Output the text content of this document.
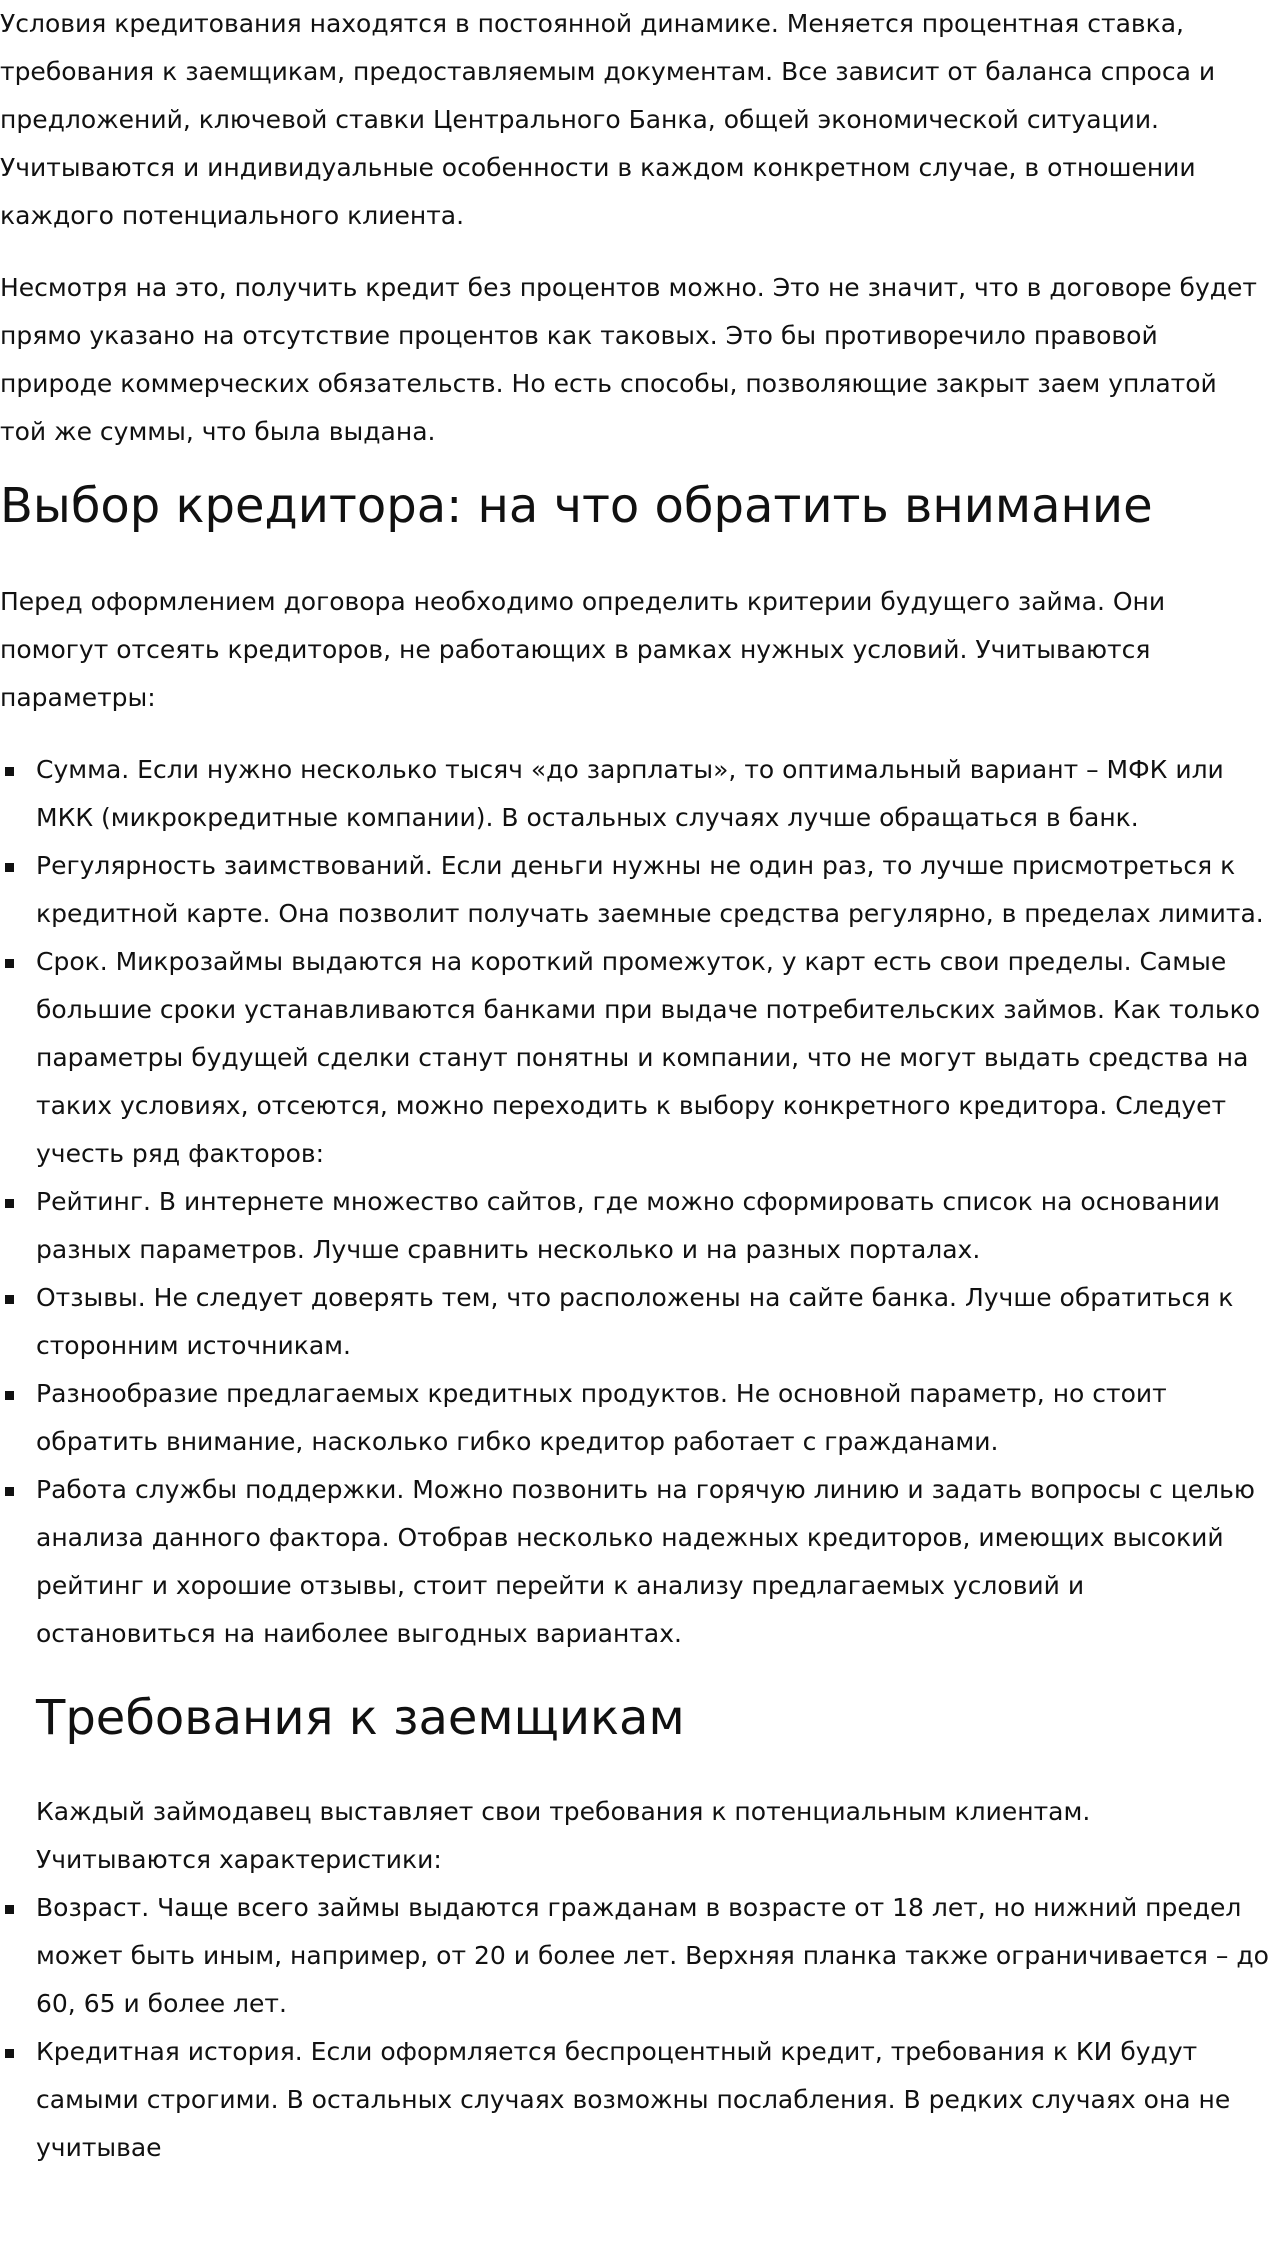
Условия кредитования находятся в постоянной динамике. Меняется процентная ставка, требования к заемщикам, предоставляемым документам. Все зависит от баланса спроса и предложений, ключевой ставки Центрального Банка, общей экономической ситуации. Учитываются и индивидуальные особенности в каждом конкретном случае, в отношении каждого потенциального клиента.

Несмотря на это, получить кредит без процентов можно. Это не значит, что в договоре будет прямо указано на отсутствие процентов как таковых. Это бы противоречило правовой природе коммерческих обязательств. Но есть способы, позволяющие закрыт заем уплатой той же суммы, что была выдана.

Выбор кредитора: на что обратить внимание

Перед оформлением договора необходимо определить критерии будущего займа. Они помогут отсеять кредиторов, не работающих в рамках нужных условий. Учитываются параметры:

Сумма. Если нужно несколько тысяч «до зарплаты», то оптимальный вариант – МФК или МКК (микрокредитные компании). В остальных случаях лучше обращаться в банк.
Регулярность заимствований. Если деньги нужны не один раз, то лучше присмотреться к кредитной карте. Она позволит получать заемные средства регулярно, в пределах лимита.
Срок. Микрозаймы выдаются на короткий промежуток, у карт есть свои пределы. Самые большие сроки устанавливаются банками при выдаче потребительских займов. Как только параметры будущей сделки станут понятны и компании, что не могут выдать средства на таких условиях, отсеются, можно переходить к выбору конкретного кредитора. Следует учесть ряд факторов:
Рейтинг. В интернете множество сайтов, где можно сформировать список на основании разных параметров. Лучше сравнить несколько и на разных порталах.
Отзывы. Не следует доверять тем, что расположены на сайте банка. Лучше обратиться к сторонним источникам.
Разнообразие предлагаемых кредитных продуктов. Не основной параметр, но стоит обратить внимание, насколько гибко кредитор работает с гражданами.
Работа службы поддержки. Можно позвонить на горячую линию и задать вопросы с целью анализа данного фактора. Отобрав несколько надежных кредиторов, имеющих высокий рейтинг и хорошие отзывы, стоит перейти к анализу предлагаемых условий и остановиться на наиболее выгодных вариантах.
Требования к заемщикам

Каждый займодавец выставляет свои требования к потенциальным клиентам. Учитываются характеристики:

Возраст. Чаще всего займы выдаются гражданам в возрасте от 18 лет, но нижний предел может быть иным, например, от 20 и более лет. Верхняя планка также ограничивается – до 60, 65 и более лет.
Кредитная история. Если оформляется беспроцентный кредит, требования к КИ будут самыми строгими. В остальных случаях возможны послабления. В редких случаях она не учитывае
